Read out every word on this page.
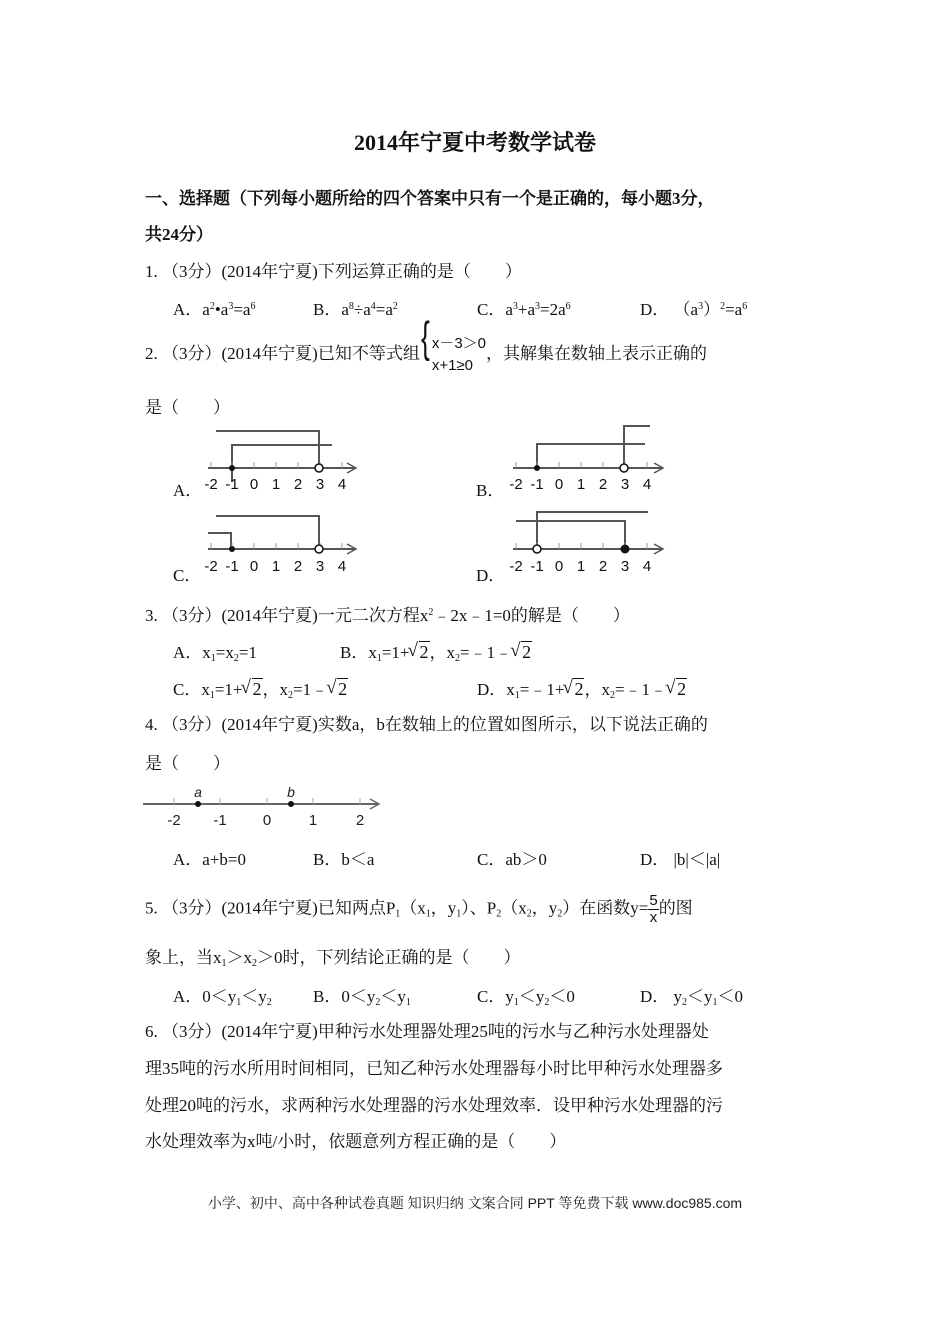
2014年宁夏中考数学试卷
一、选择题（下列每小题所给的四个答案中只有一个是正确的，每小题3分，
共24分）
1. （3分）(2014年宁夏)下列运算正确的是（　　）
A．$a^2•a^3=a^6$	B．$a^8\div a^4=a^2$	C．$a^3+a^3=2a^6$	D． $(a^3)^2=a^6$
2. （3分）(2014年宁夏)已知不等式组
{ x－3＞0
x+1≥0
，其解集在数轴上表示正确的
是（　　）
A． -2 -1 0 1 2 3 4	B． -2 -1 0 1 2 3 4
C． -2 -1 0 1 2 3 4	D． -2 -1 0 1 2 3 4
3. （3分）(2014年宁夏)一元二次方程$x^2﹣2x﹣1=0$的解是（　　）
A．$x_1=x_2=1$	B．$x_1=1+$ √ 2，$x_2=﹣1﹣$ √ 2
C．$x_1=1+$ √ 2，$x_2=1﹣$ √ 2	D．$x_1=﹣1+$ √ 2，$x_2=﹣1﹣$ √ 2
4. （3分）(2014年宁夏)实数a，b在数轴上的位置如图所示，以下说法正确的
是（　　）
a	b
-2 -1 0	1	2
A．a+b=0	B．b＜a	C．ab＞0	D． |b|＜|a|
5. （3分）(2014年宁夏)已知两点$P_1(x_1$，$y_1$）、$P_2(x_2$，$y_2$）在函数$y= \frac{5}{x}$ 的图
象上，当$x_1>x_2>0$时，下列结论正确的是（　　）
A．$0<y_1<y_2$ B．$0<y_2<y_1$	C．$y_1<y_2<0$	D． $y_2<y_1<0$
6. （3分）(2014年宁夏)甲种污水处理器处理25吨的污水与乙种污水处理器处
理35吨的污水所用时间相同，已知乙种污水处理器每小时比甲种污水处理器多
处理20吨的污水，求两种污水处理器的污水处理效率．设甲种污水处理器的污
水处理效率为x吨/小时，依题意列方程正确的是（　　）
小学、初中、高中各种试卷真题 知识归纳 文案合同 PPT 等免费下载 www.doc985.com
